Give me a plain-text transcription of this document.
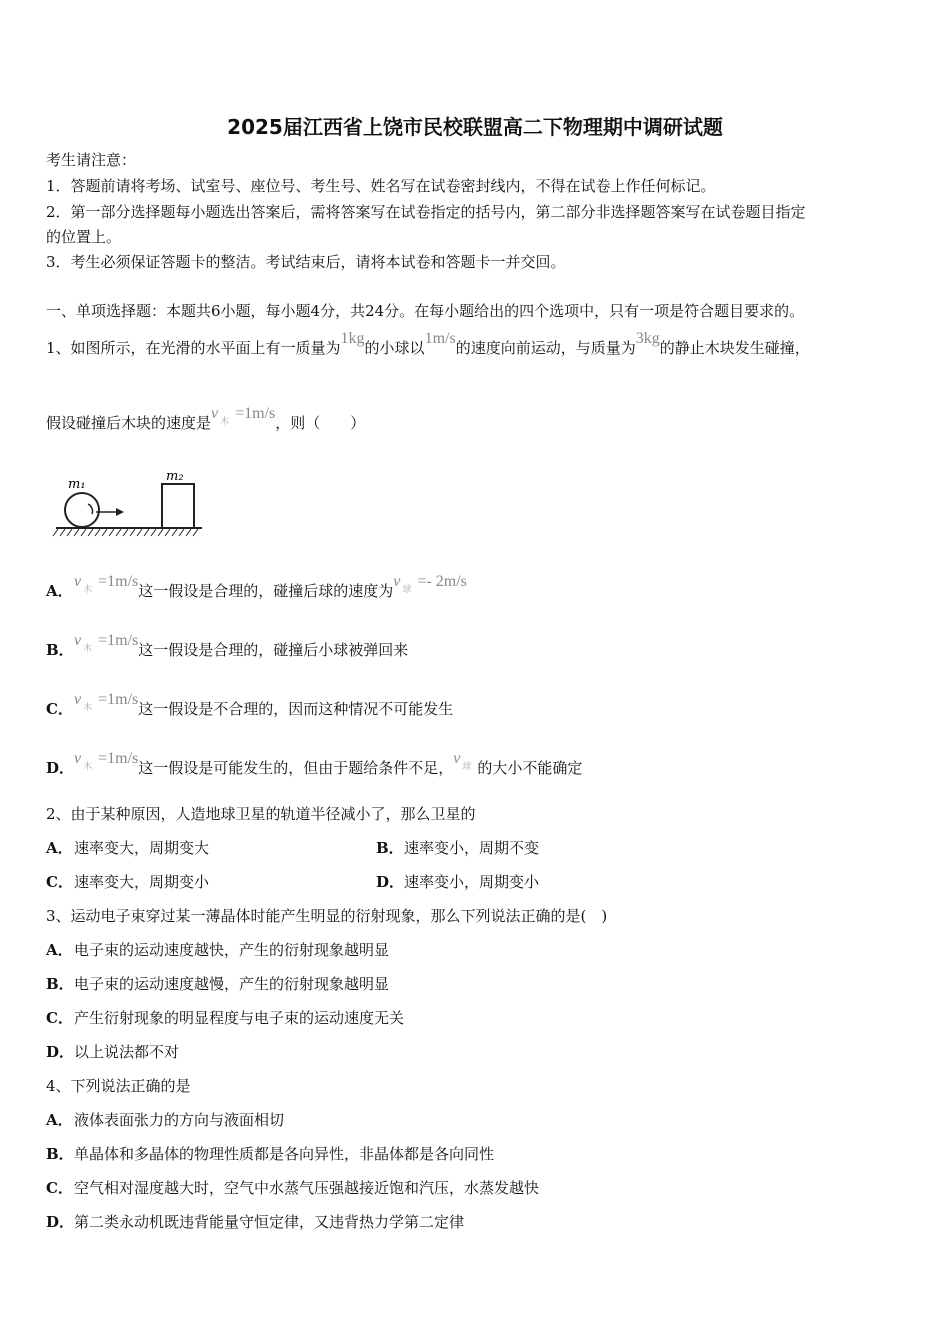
2025届江西省上饶市民校联盟高二下物理期中调研试题
考生请注意：
1．答题前请将考场、试室号、座位号、考生号、姓名写在试卷密封线内，不得在试卷上作任何标记。
2．第一部分选择题每小题选出答案后，需将答案写在试卷指定的括号内，第二部分非选择题答案写在试卷题目指定
的位置上。
3．考生必须保证答题卡的整洁。考试结束后，请将本试卷和答题卡一并交回。
一、单项选择题：本题共6小题，每小题4分，共24分。在每小题给出的四个选项中，只有一项是符合题目要求的。
1、如图所示，在光滑的水平面上有一质量为1kg的小球以1m/s的速度向前运动，与质量为3kg的静止木块发生碰撞，
假设碰撞后木块的速度是v $_木$ =1m/s，则（　　）
m₁
m₂
A．v $_木$ =1m/s这一假设是合理的，碰撞后球的速度为v $_球$ =- 2m/s
B．v $_木$ =1m/s这一假设是合理的，碰撞后小球被弹回来
C．v $_木$ =1m/s这一假设是不合理的，因而这种情况不可能发生
D．v $_木$ =1m/s这一假设是可能发生的，但由于题给条件不足，v $_球$ 的大小不能确定
2、由于某种原因，人造地球卫星的轨道半径减小了，那么卫星的
A．速率变大，周期变大	B．速率变小，周期不变
C．速率变大，周期变小	D．速率变小，周期变小
3、运动电子束穿过某一薄晶体时能产生明显的衍射现象，那么下列说法正确的是(　)
A．电子束的运动速度越快，产生的衍射现象越明显
B．电子束的运动速度越慢，产生的衍射现象越明显
C．产生衍射现象的明显程度与电子束的运动速度无关
D．以上说法都不对
4、下列说法正确的是
A．液体表面张力的方向与液面相切
B．单晶体和多晶体的物理性质都是各向异性，非晶体都是各向同性
C．空气相对湿度越大时，空气中水蒸气压强越接近饱和汽压，水蒸发越快
D．第二类永动机既违背能量守恒定律，又违背热力学第二定律
